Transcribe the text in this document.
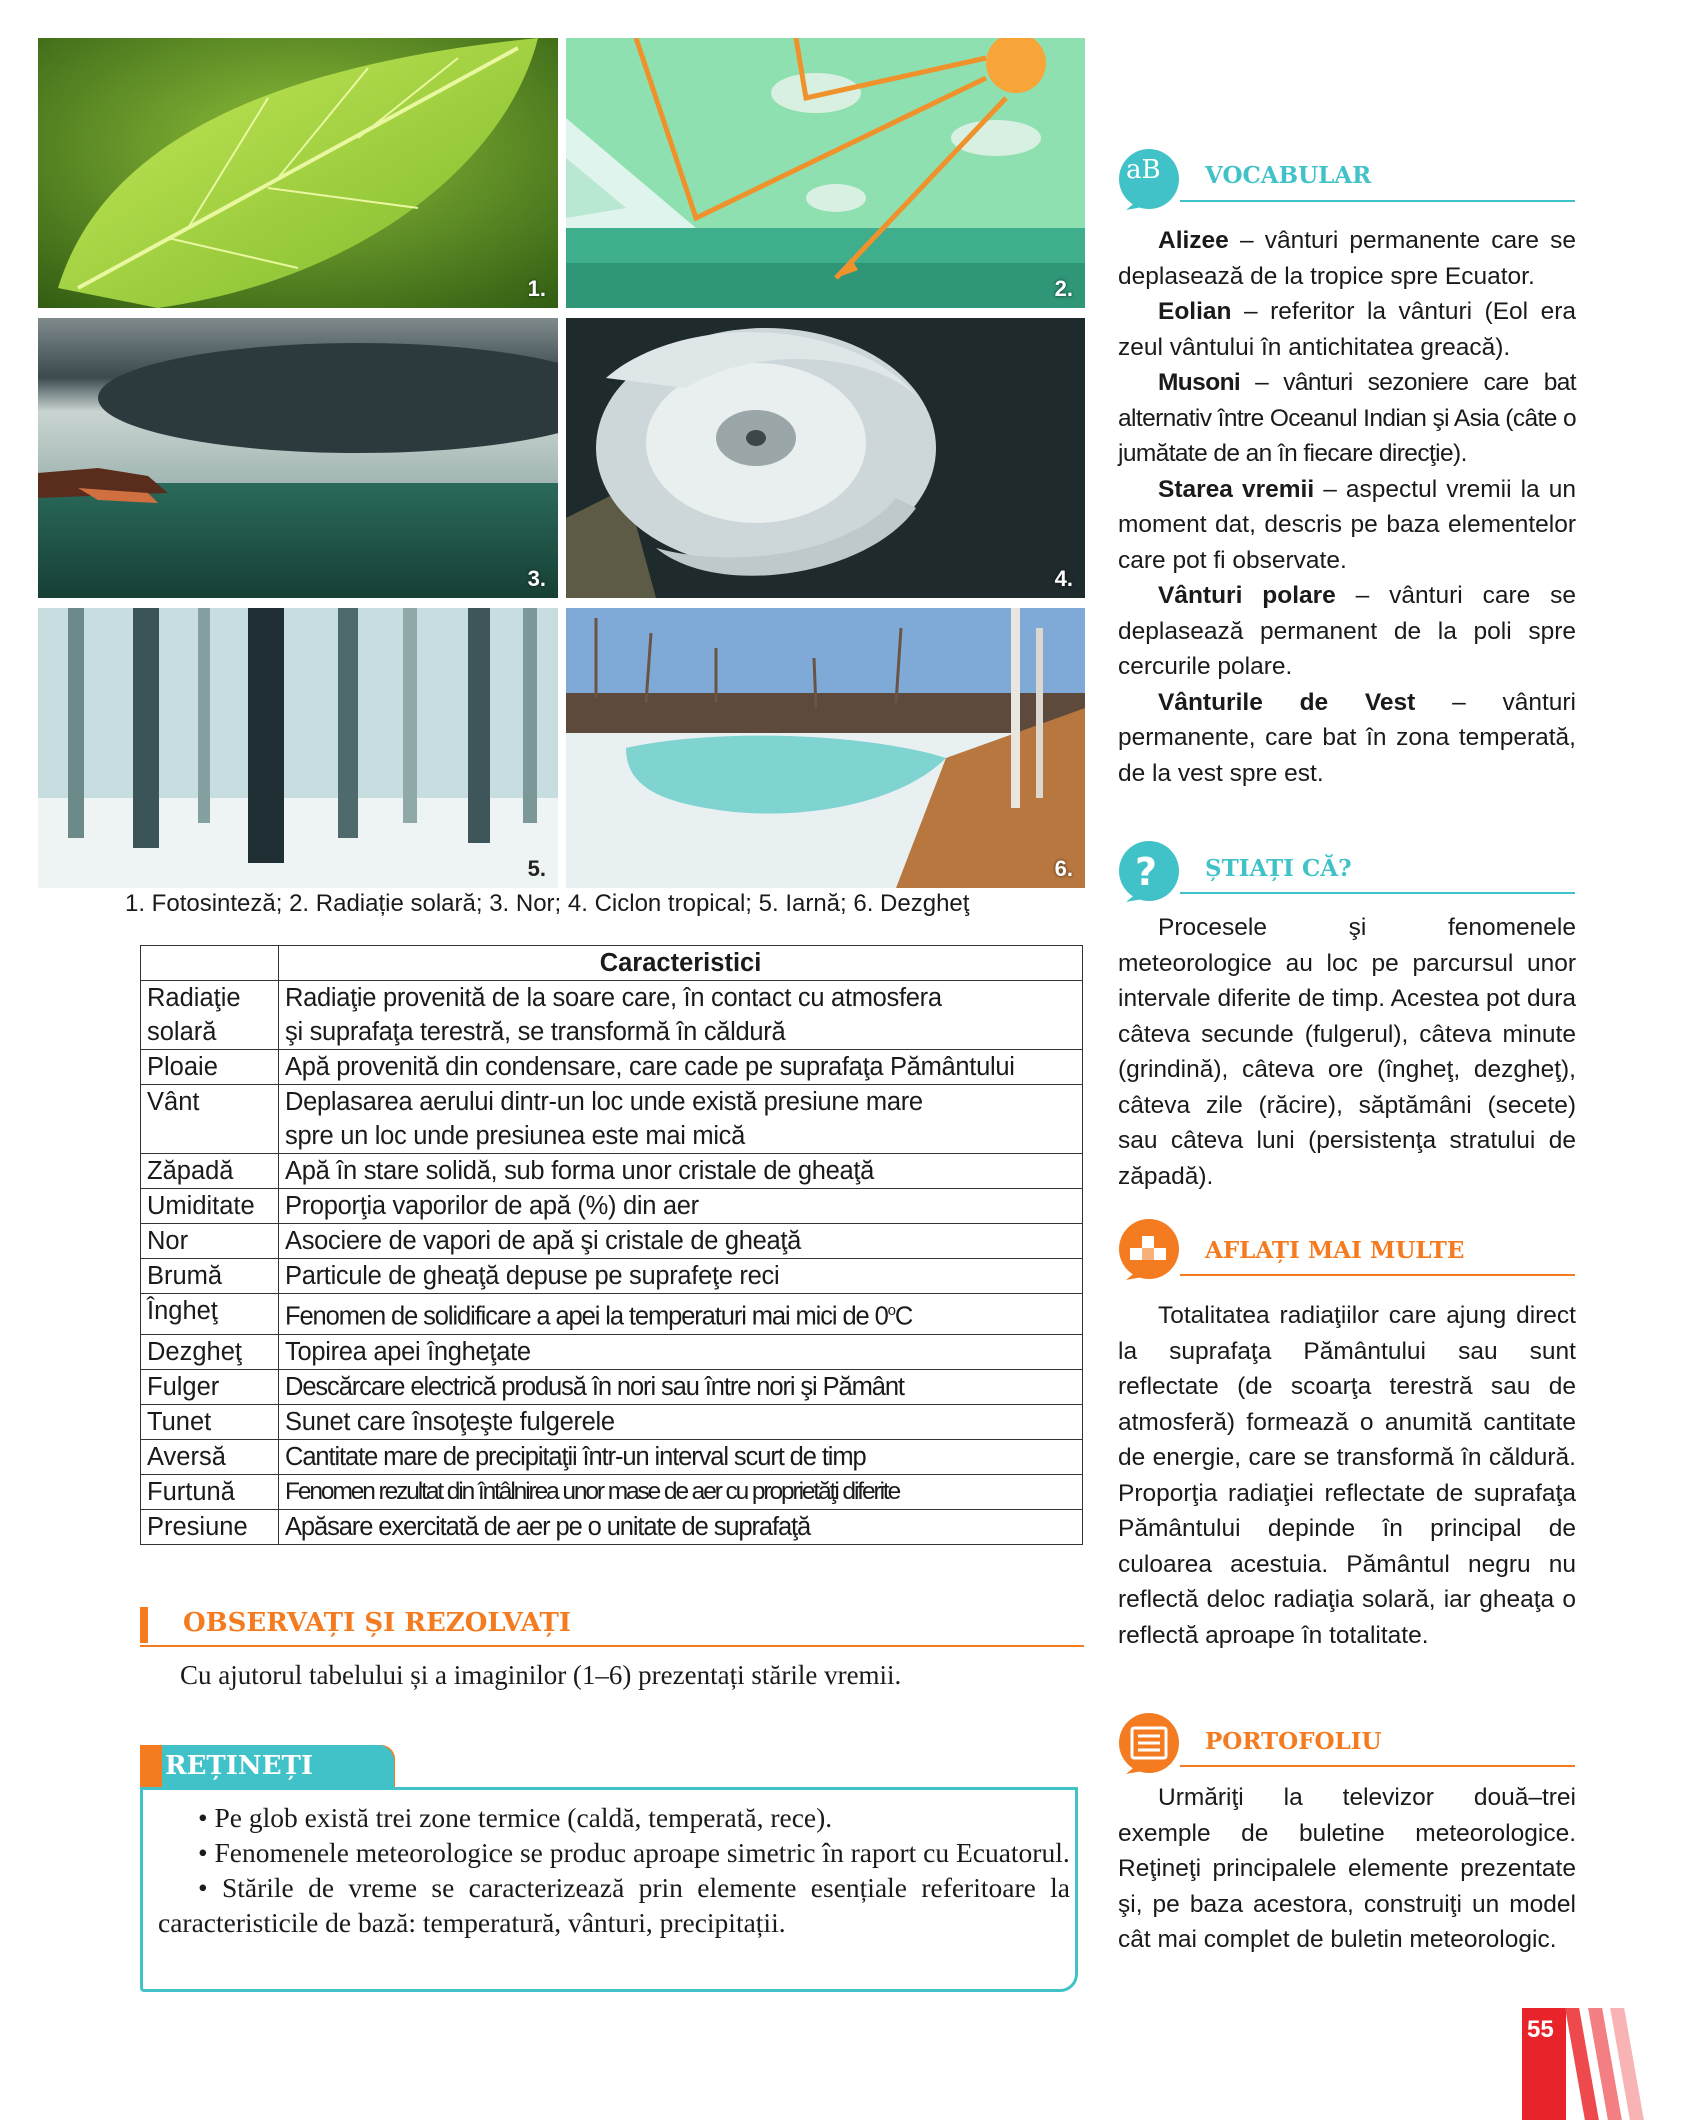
1.	2.
3.	4.
5.	6.
1. Fotosinteză; 2. Radiație solară; 3. Nor; 4. Ciclon tropical; 5. Iarnă; 6. Dezgheţ
	Caracteristici
Radiaţie
solară	Radiaţie provenită de la soare care, în contact cu atmosfera
şi suprafaţa terestră, se transformă în căldură
Ploaie	Apă provenită din condensare, care cade pe suprafaţa Pământului
Vânt	Deplasarea aerului dintr-un loc unde există presiune mare
spre un loc unde presiunea este mai mică
Zăpadă	Apă în stare solidă, sub forma unor cristale de gheaţă
Umiditate	Proporţia vaporilor de apă (%) din aer
Nor	Asociere de vapori de apă şi cristale de gheaţă
Brumă	Particule de gheaţă depuse pe suprafeţe reci
Îngheţ	Fenomen de solidificare a apei la temperaturi mai mici de 0$^o$C
Dezgheţ	Topirea apei îngheţate
Fulger	Descărcare electrică produsă în nori sau între nori şi Pământ
Tunet	Sunet care însoţeşte fulgerele
Aversă	Cantitate mare de precipitaţii într-un interval scurt de timp
Furtună	Fenomen rezultat din întâlnirea unor mase de aer cu proprietăţi diferite
Presiune	Apăsare exercitată de aer pe o unitate de suprafaţă
OBSERVAȚI ȘI REZOLVAȚI
Cu ajutorul tabelului și a imaginilor (1–6) prezentați stările vremii.
REȚINEȚI

• Pe glob există trei zone termice (caldă, temperată, rece).

• Fenomenele meteorologice se produc aproape simetric în raport cu Ecuatorul.

• Stările de vreme se caracterizează prin elemente esențiale referitoare la caracteristicile de bază: temperatură, vânturi, precipitații.

aB VOCABULAR

Alizee – vânturi permanente care se deplasează de la tropice spre Ecuator.

Eolian – referitor la vânturi (Eol era zeul vântului în antichitatea greacă).

Musoni – vânturi sezoniere care bat alternativ între Oceanul Indian şi Asia (câte o jumătate de an în fiecare direcţie).

Starea vremii – aspectul vremii la un moment dat, descris pe baza elementelor care pot fi observate.

Vânturi polare – vânturi care se deplasează permanent de la poli spre cercurile polare.

Vânturile de Vest – vânturi permanente, care bat în zona temperată, de la vest spre est.

? ȘTIAȚI CĂ?

Procesele şi fenomenele meteorologice au loc pe parcursul unor intervale diferite de timp. Acestea pot dura câteva secunde (fulgerul), câteva minute (grindină), câteva ore (îngheţ, dezgheţ), câteva zile (răcire), săptămâni (secete) sau câteva luni (persistenţa stratului de zăpadă).

AFLAȚI MAI MULTE

Totalitatea radiaţiilor care ajung direct la suprafaţa Pământului sau sunt reflectate (de scoarţa terestră sau de atmosferă) formează o anumită cantitate de energie, care se transformă în căldură. Proporţia radiaţiei reflectate de suprafaţa Pământului depinde în principal de culoarea acestuia. Pământul negru nu reflectă deloc radiaţia solară, iar gheaţa o reflectă aproape în totalitate.

PORTOFOLIU

Urmăriţi la televizor două–trei exemple de buletine meteorologice. Reţineţi principalele elemente prezentate şi, pe baza acestora, construiţi un model cât mai complet de buletin meteorologic.

55
